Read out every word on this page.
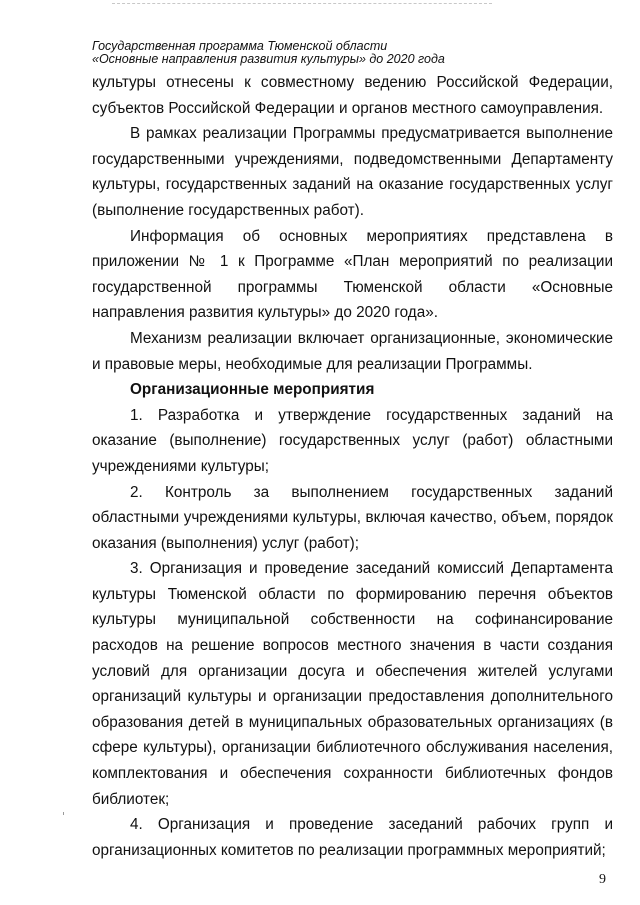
Государственная программа Тюменской области
«Основные направления развития культуры» до 2020 года

культуры отнесены к совместному ведению Российской Федерации, субъектов Российской Федерации и органов местного самоуправления.

В рамках реализации Программы предусматривается выполнение государственными учреждениями, подведомственными Департаменту культуры, государственных заданий на оказание государственных услуг (выполнение государственных работ).

Информация об основных мероприятиях представлена в приложении № 1 к Программе «План мероприятий по реализации государственной программы Тюменской области «Основные направления развития культуры» до 2020 года».

Механизм реализации включает организационные, экономические и правовые меры, необходимые для реализации Программы.

Организационные мероприятия

1. Разработка и утверждение государственных заданий на оказание (выполнение) государственных услуг (работ) областными учреждениями культуры;

2. Контроль за выполнением государственных заданий областными учреждениями культуры, включая качество, объем, порядок оказания (выполнения) услуг (работ);

3. Организация и проведение заседаний комиссий Департамента культуры Тюменской области по формированию перечня объектов культуры муниципальной собственности на софинансирование расходов на решение вопросов местного значения в части создания условий для организации досуга и обеспечения жителей услугами организаций культуры и организации предоставления дополнительного образования детей в муниципальных образовательных организациях (в сфере культуры), организации библиотечного обслуживания населения, комплектования и обеспечения сохранности библиотечных фондов библиотек;

4. Организация и проведение заседаний рабочих групп и организационных комитетов по реализации программных мероприятий;

9
